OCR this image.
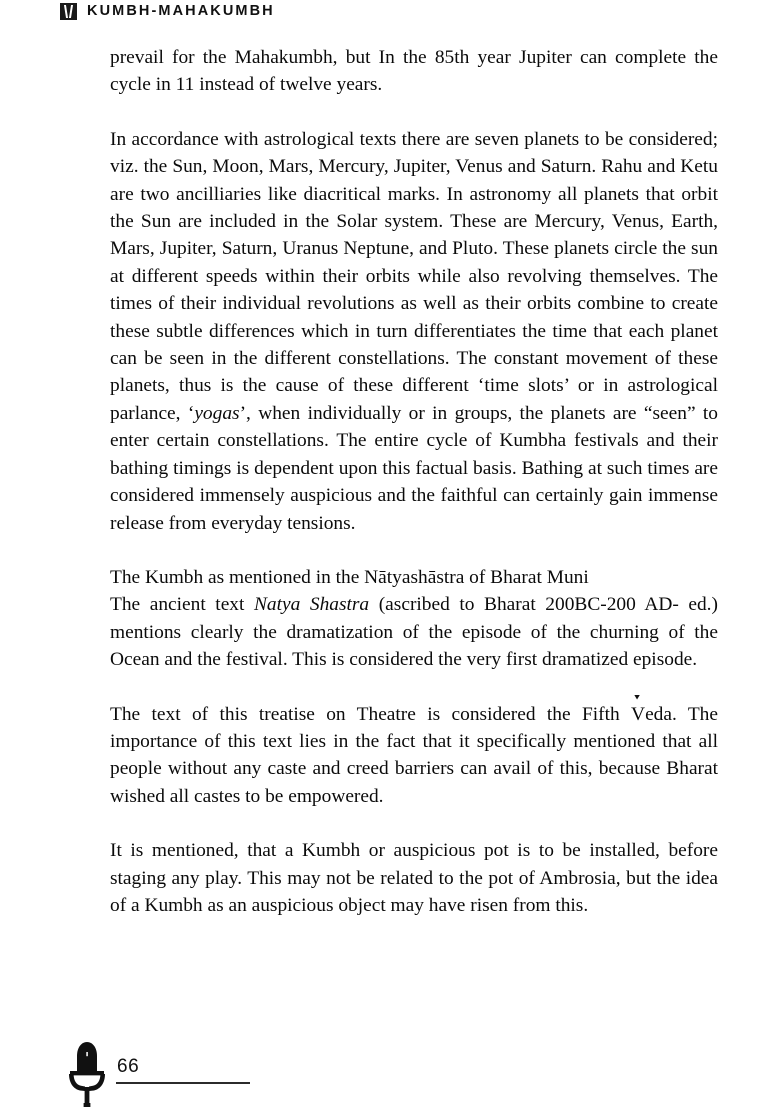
KUMBH-MAHAKUMBH

prevail for the Mahakumbh, but In the 85th year Jupiter can complete the cycle in 11 instead of twelve years.

In accordance with astrological texts there are seven planets to be considered; viz. the Sun, Moon, Mars, Mercury, Jupiter, Venus and Saturn. Rahu and Ketu are two ancilliaries like diacritical marks. In astronomy all planets that orbit the Sun are included in the Solar system. These are Mercury, Venus, Earth, Mars, Jupiter, Saturn, Uranus Neptune, and Pluto. These planets circle the sun at different speeds within their orbits while also revolving themselves. The times of their individual revolutions as well as their orbits combine to create these subtle differences which in turn differentiates the time that each planet can be seen in the different constellations. The constant movement of these planets, thus is the cause of these different ‘time slots’ or in astrological parlance, ‘yogas’, when individually or in groups, the planets are “seen” to enter certain constellations. The entire cycle of Kumbha festivals and their bathing timings is dependent upon this factual basis. Bathing at such times are considered immensely auspicious and the faithful can certainly gain immense release from everyday tensions.

The Kumbh as mentioned in the Nātyashāstra of Bharat Muni

The ancient text Natya Shastra (ascribed to Bharat 200BC-200 AD- ed.) mentions clearly the dramatization of the episode of the churning of the Ocean and the festival. This is considered the very first dramatized episode.

The text of this treatise on Theatre is considered the Fifth Veda. The importance of this text lies in the fact that it specifically mentioned that all people without any caste and creed barriers can avail of this, because Bharat wished all castes to be empowered.

It is mentioned, that a Kumbh or auspicious pot is to be installed, before staging any play. This may not be related to the pot of Ambrosia, but the idea of a Kumbh as an auspicious object may have risen from this.

66
